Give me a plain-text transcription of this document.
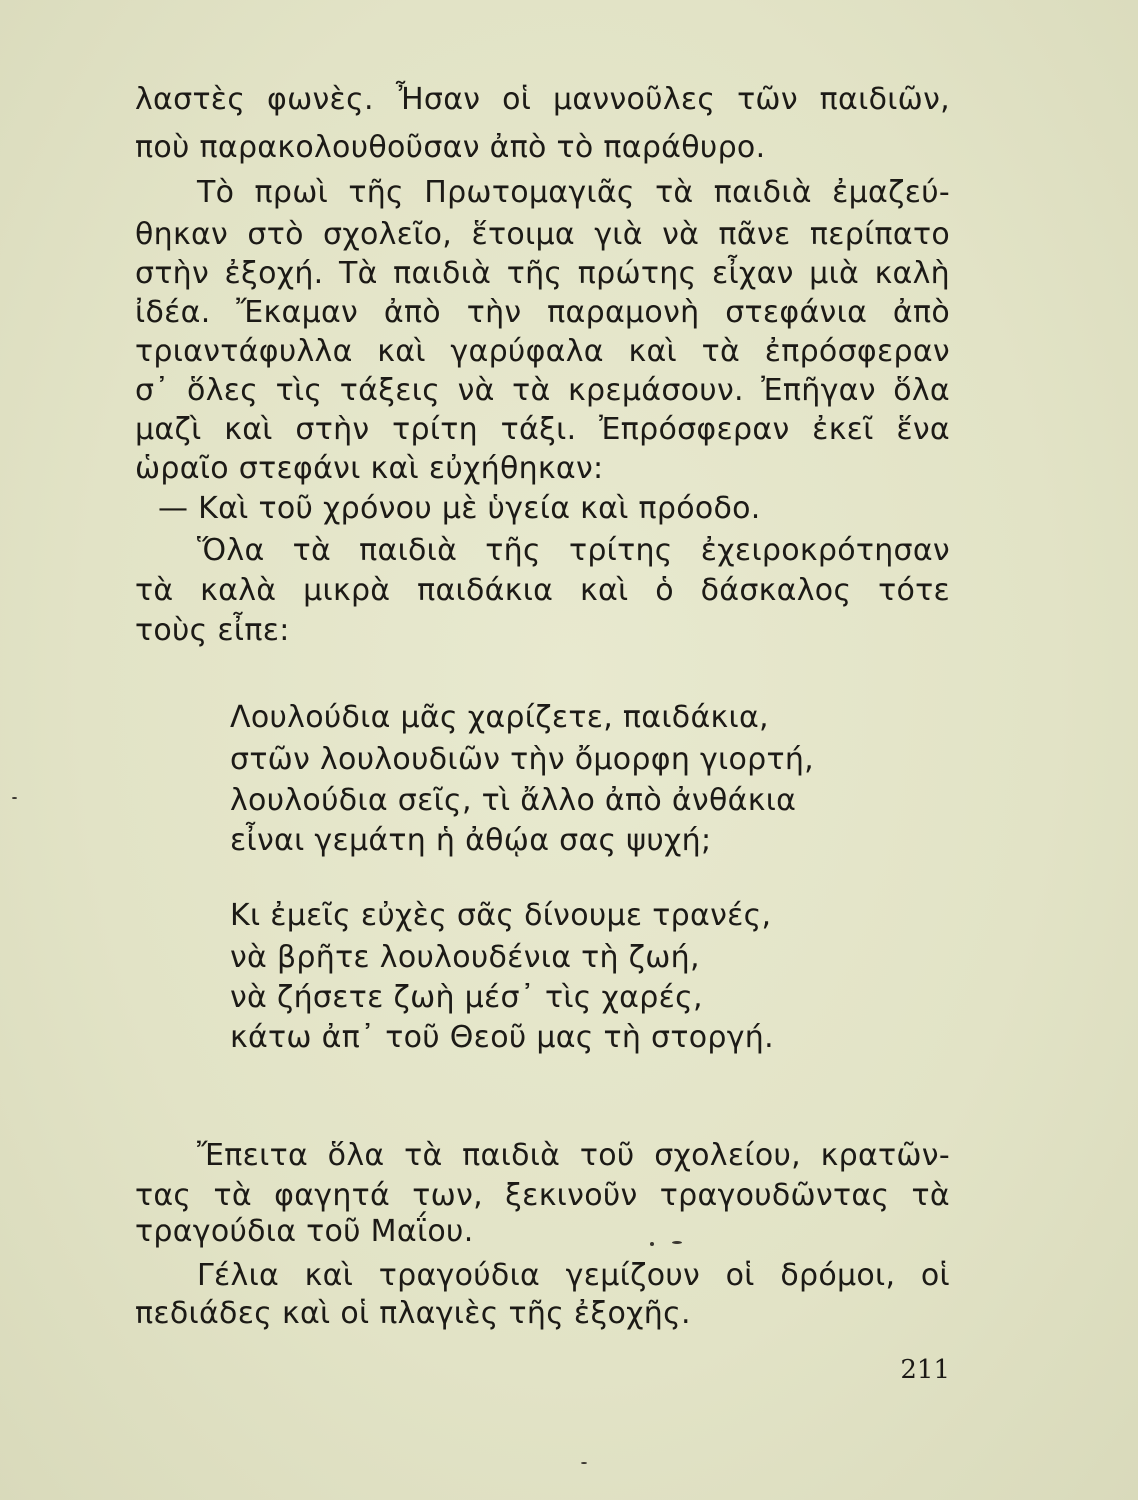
λαστὲς φωνὲς. Ἦσαν οἱ μαννοῦλες τῶν παιδιῶν,
ποὺ παρακολουθοῦσαν ἀπὸ τὸ παράθυρο.
Τὸ πρωὶ τῆς Πρωτομαγιᾶς τὰ παιδιὰ ἐμαζεύ-
θηκαν στὸ σχολεῖο, ἕτοιμα γιὰ νὰ πᾶνε περίπατο
στὴν ἐξοχή. Τὰ παιδιὰ τῆς πρώτης εἶχαν μιὰ καλὴ
ἰδέα. Ἔκαμαν ἀπὸ τὴν παραμονὴ στεφάνια ἀπὸ
τριαντάφυλλα καὶ γαρύφαλα καὶ τὰ ἐπρόσφεραν
σ᾽ ὅλες τὶς τάξεις νὰ τὰ κρεμάσουν. Ἐπῆγαν ὅλα
μαζὶ καὶ στὴν τρίτη τάξι. Ἐπρόσφεραν ἐκεῖ ἕνα
ὡραῖο στεφάνι καὶ εὐχήθηκαν:
— Καὶ τοῦ χρόνου μὲ ὑγεία καὶ πρόοδο.
Ὅλα τὰ παιδιὰ τῆς τρίτης ἐχειροκρότησαν
τὰ καλὰ μικρὰ παιδάκια καὶ ὁ δάσκαλος τότε
τοὺς εἶπε:
Λουλούδια μᾶς χαρίζετε, παιδάκια,
στῶν λουλουδιῶν τὴν ὄμορφη γιορτή,
λουλούδια σεῖς, τὶ ἄλλο ἀπὸ ἀνθάκια
εἶναι γεμάτη ἡ ἀθῴα σας ψυχή;
Κι ἐμεῖς εὐχὲς σᾶς δίνουμε τρανές,
νὰ βρῆτε λουλουδένια τὴ ζωή,
νὰ ζήσετε ζωὴ μέσ᾽ τὶς χαρές,
κάτω ἀπ᾽ τοῦ Θεοῦ μας τὴ στοργή.
Ἔπειτα ὅλα τὰ παιδιὰ τοῦ σχολείου, κρατῶν-
τας τὰ φαγητά των, ξεκινοῦν τραγουδῶντας τὰ
τραγούδια τοῦ Μαΐου.
Γέλια καὶ τραγούδια γεμίζουν οἱ δρόμοι, οἱ
πεδιάδες καὶ οἱ πλαγιὲς τῆς ἐξοχῆς.
211
